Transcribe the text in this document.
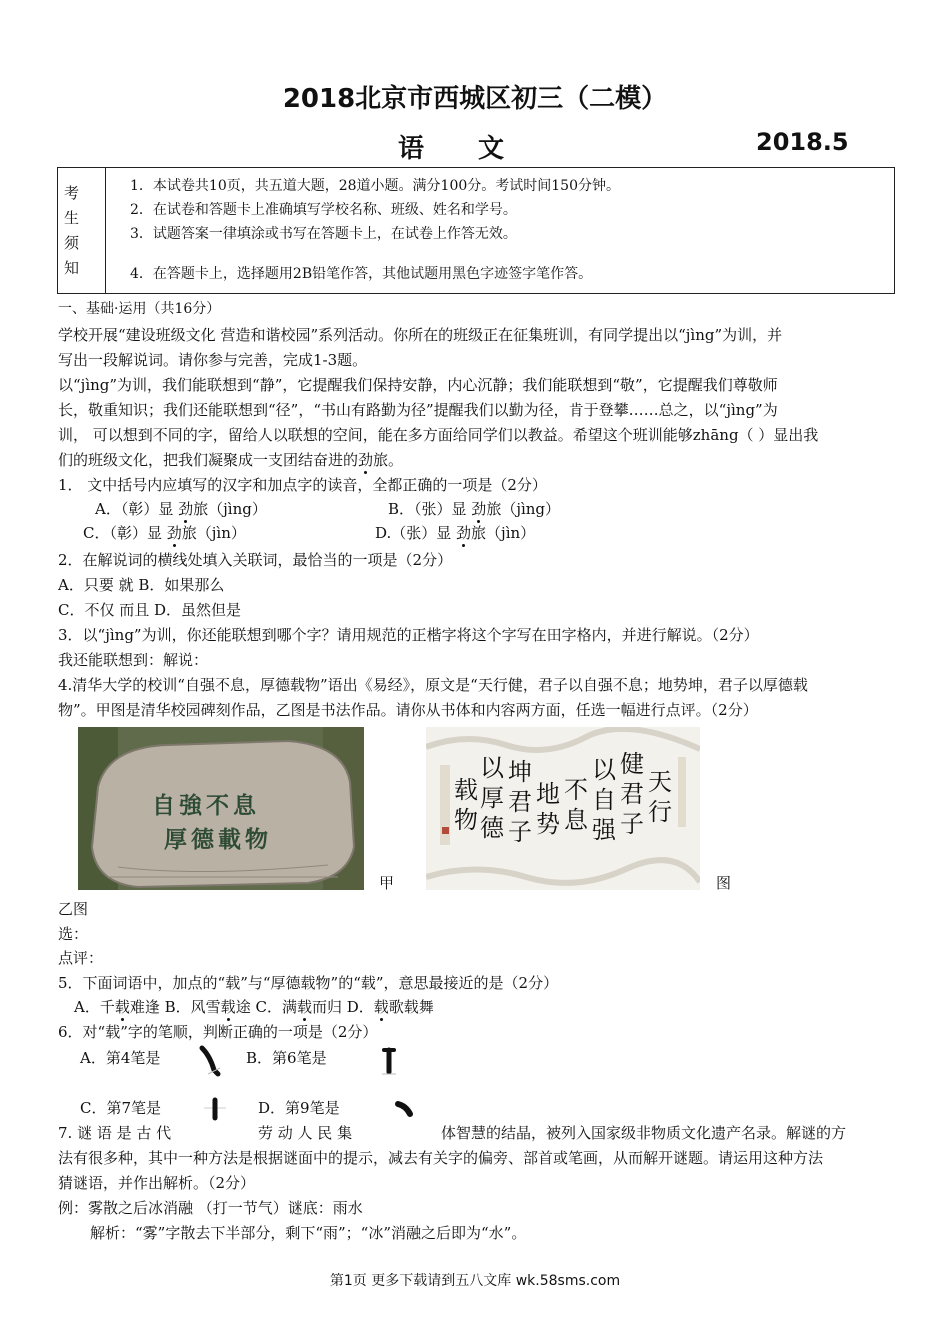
2018北京市西城区初三（二模）
语文	2018.5
考
生
须
知
1．本试卷共10页，共五道大题，28道小题。满分100分。考试时间150分钟。
2．在试卷和答题卡上准确填写学校名称、班级、姓名和学号。
3．试题答案一律填涂或书写在答题卡上，在试卷上作答无效。
4．在答题卡上，选择题用2B铅笔作答，其他试题用黑色字迹签字笔作答。
一、基础·运用（共16分）
学校开展“建设班级文化 营造和谐校园”系列活动。你所在的班级正在征集班训，有同学提出以“jìng”为训，并
写出一段解说词。请你参与完善，完成1-3题。
以“jìng”为训，我们能联想到“静”，它提醒我们保持安静，内心沉静；我们能联想到“敬”，它提醒我们尊敬师
长，敬重知识；我们还能联想到“径”，“书山有路勤为径”提醒我们以勤为径，肯于登攀……总之，以“jìng”为
训， 可以想到不同的字，留给人以联想的空间，能在多方面给同学们以教益。希望这个班训能够zhāng（ ）显出我
们的班级文化，把我们凝聚成一支团结奋进的劲旅。
1． 文中括号内应填写的汉字和加点字的读音，全都正确的一项是（2分）
A．（彰）显 劲旅（jìng）	B．（张）显 劲旅（jìng）
C．（彰）显 劲旅（jìn）	D.（张）显 劲旅（jìn）
2．在解说词的横线处填入关联词，最恰当的一项是（2分）
A．只要 就 B．如果那么
C．不仅 而且 D．虽然但是
3．以“jìng”为训，你还能联想到哪个字？请用规范的正楷字将这个字写在田字格内，并进行解说。（2分）
我还能联想到：解说：
4.清华大学的校训“自强不息，厚德载物”语出《易经》，原文是“天行健，君子以自强不息；地势坤，君子以厚德载
物”。甲图是清华校园碑刻作品，乙图是书法作品。请你从书体和内容两方面，任选一幅进行点评。（2分）
自強不息
厚德載物
甲
天行
健君子
以自强
不息
地势
坤君子
以厚德
载物
图
乙图
选：
点评：
5．下面词语中，加点的“载”与“厚德载物”的“载”，意思最接近的是（2分）
A．千载难逢 B．风雪载途 C．满载而归 D．载歌载舞
6．对“载”字的笔顺，判断正确的一项是（2分）
A．第4笔是	B．第6笔是
C．第7笔是	D．第9笔是
7. 谜 语 是 古 代	劳 动 人 民 集	体智慧的结晶，被列入国家级非物质文化遗产名录。解谜的方
法有很多种，其中一种方法是根据谜面中的提示，减去有关字的偏旁、部首或笔画，从而解开谜题。请运用这种方法
猜谜语，并作出解析。（2分）
例：雾散之后冰消融 （打一节气）谜底：雨水
解析：“雾”字散去下半部分，剩下“雨”；“冰”消融之后即为“水”。
第1页 更多下载请到五八文库 wk.58sms.com
